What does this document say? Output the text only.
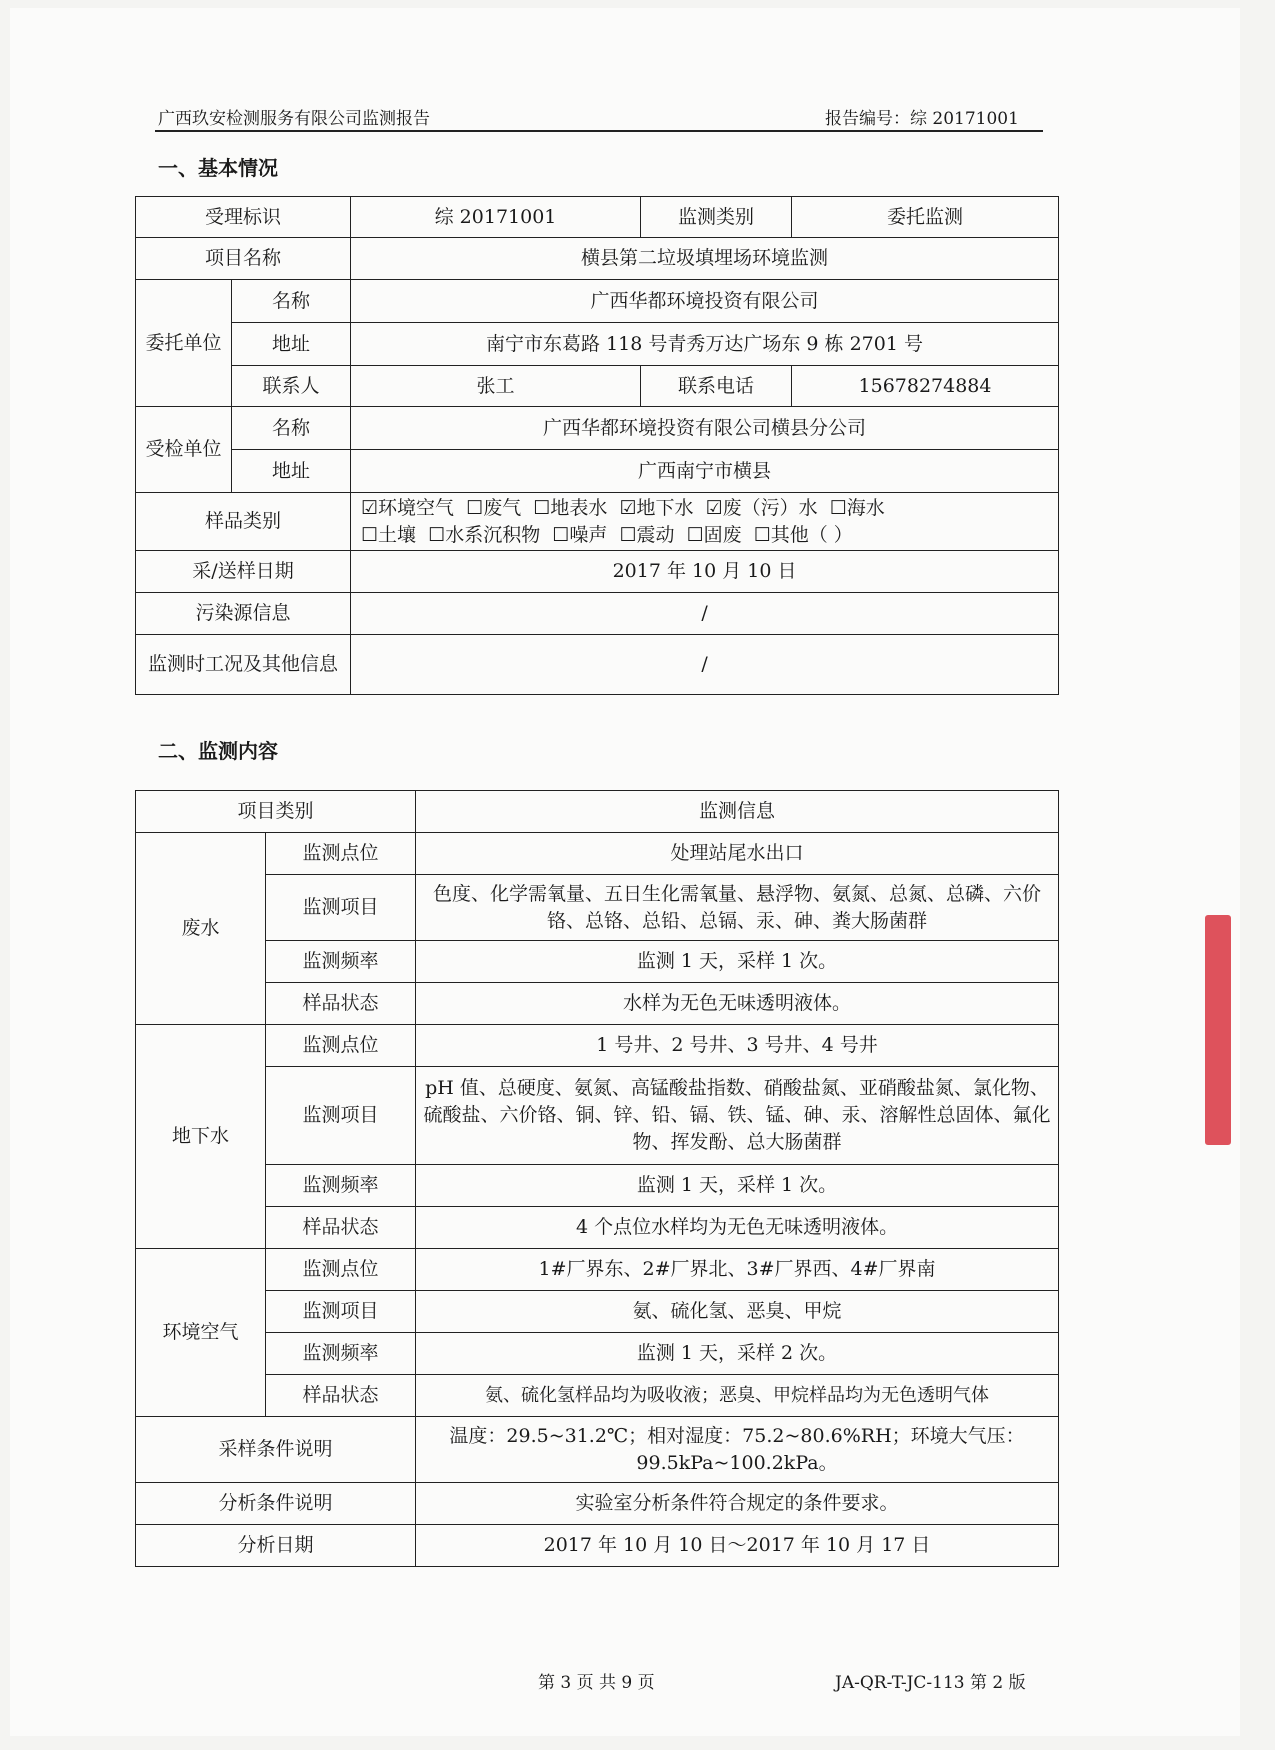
广西玖安检测服务有限公司监测报告	报告编号：综 20171001
一、基本情况
受理标识		综 20171001	监测类别	委托监测
项目名称		横县第二垃圾填埋场环境监测		
委托单位	名称	广西华都环境投资有限公司		
	地址	南宁市东葛路 118 号青秀万达广场东 9 栋 2701 号		
	联系人	张工	联系电话	15678274884
受检单位	名称	广西华都环境投资有限公司横县分公司		
	地址	广西南宁市横县		
样品类别		☑环境空气 ☐废气 ☐地表水 ☑地下水 ☑废（污）水 ☐海水
☐土壤 ☐水系沉积物 ☐噪声 ☐震动 ☐固废 ☐其他（ ）		

采/送样日期		2017 年 10 月 10 日		
污染源信息		/		
监测时工况及其他信息		/		
二、监测内容
项目类别		监测信息
废水	监测点位	处理站尾水出口
	监测项目	色度、化学需氧量、五日生化需氧量、悬浮物、氨氮、总氮、总磷、六价铬、总铬、总铅、总镉、汞、砷、粪大肠菌群
	监测频率	监测 1 天，采样 1 次。
	样品状态	水样为无色无味透明液体。
地下水	监测点位	1 号井、2 号井、3 号井、4 号井
	监测项目	pH 值、总硬度、氨氮、高锰酸盐指数、硝酸盐氮、亚硝酸盐氮、氯化物、硫酸盐、六价铬、铜、锌、铅、镉、铁、锰、砷、汞、溶解性总固体、氟化物、挥发酚、总大肠菌群
	监测频率	监测 1 天，采样 1 次。
	样品状态	4 个点位水样均为无色无味透明液体。
环境空气	监测点位	1#厂界东、2#厂界北、3#厂界西、4#厂界南
	监测项目	氨、硫化氢、恶臭、甲烷
	监测频率	监测 1 天，采样 2 次。
	样品状态	氨、硫化氢样品均为吸收液；恶臭、甲烷样品均为无色透明气体
采样条件说明		温度：29.5~31.2℃；相对湿度：75.2~80.6%RH；环境大气压：99.5kPa~100.2kPa。
分析条件说明		实验室分析条件符合规定的条件要求。
分析日期		2017 年 10 月 10 日～2017 年 10 月 17 日
第 3 页 共 9 页	JA-QR-T-JC-113 第 2 版
